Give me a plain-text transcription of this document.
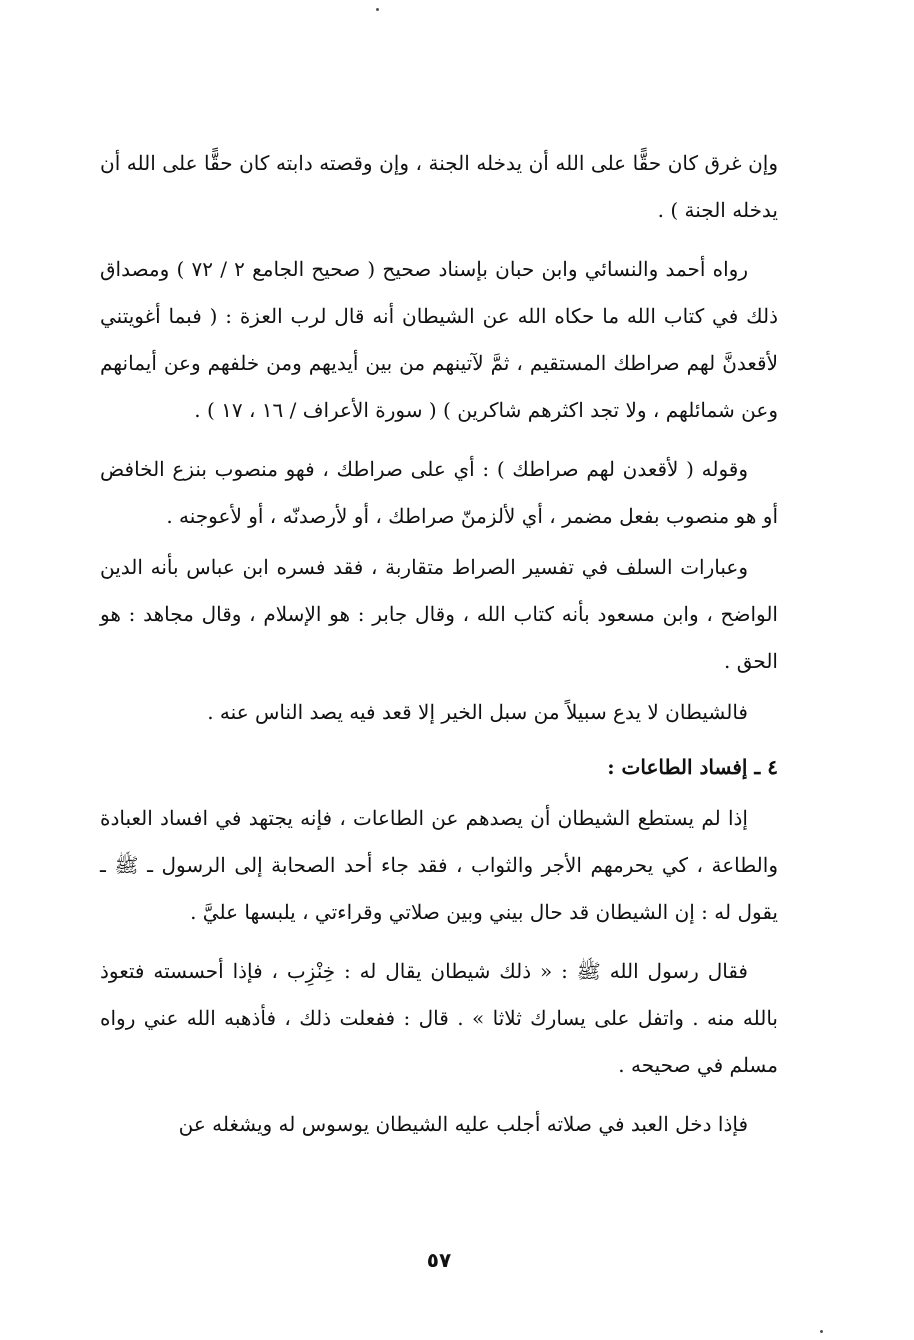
وإن غرق كان حقًّا على الله أن يدخله الجنة ، وإن وقصته دابته كان حقًّا على الله أن يدخله الجنة ) .

رواه أحمد والنسائي وابن حبان بإسناد صحيح ( صحيح الجامع ٢ / ٧٢ ) ومصداق ذلك في كتاب الله ما حكاه الله عن الشيطان أنه قال لرب العزة : ( فبما أغويتني لأقعدنَّ لهم صراطك المستقيم ، ثمَّ لآتينهم من بين أيديهم ومن خلفهم وعن أيمانهم وعن شمائلهم ، ولا تجد اكثرهم شاكرين ) ( سورة الأعراف / ١٦ ، ١٧ ) .

وقوله ( لأقعدن لهم صراطك ) : أي على صراطك ، فهو منصوب بنزع الخافض أو هو منصوب بفعل مضمر ، أي لألزمنّ صراطك ، أو لأرصدنّه ، أو لأعوجنه .

وعبارات السلف في تفسير الصراط متقاربة ، فقد فسره ابن عباس بأنه الدين الواضح ، وابن مسعود بأنه كتاب الله ، وقال جابر : هو الإسلام ، وقال مجاهد : هو الحق .

فالشيطان لا يدع سبيلاً من سبل الخير إلا قعد فيه يصد الناس عنه .

٤ ـ إفساد الطاعات :

إذا لم يستطع الشيطان أن يصدهم عن الطاعات ، فإنه يجتهد في افساد العبادة والطاعة ، كي يحرمهم الأجر والثواب ، فقد جاء أحد الصحابة إلى الرسول ـ ﷺ ـ يقول له : إن الشيطان قد حال بيني وبين صلاتي وقراءتي ، يلبسها عليَّ .

فقال رسول الله ﷺ : « ذلك شيطان يقال له : خِنْزِب ، فإذا أحسسته فتعوذ بالله منه . واتفل على يسارك ثلاثا » . قال : ففعلت ذلك ، فأذهبه الله عني رواه مسلم في صحيحه .

فإذا دخل العبد في صلاته أجلب عليه الشيطان يوسوس له ويشغله عن

٥٧
